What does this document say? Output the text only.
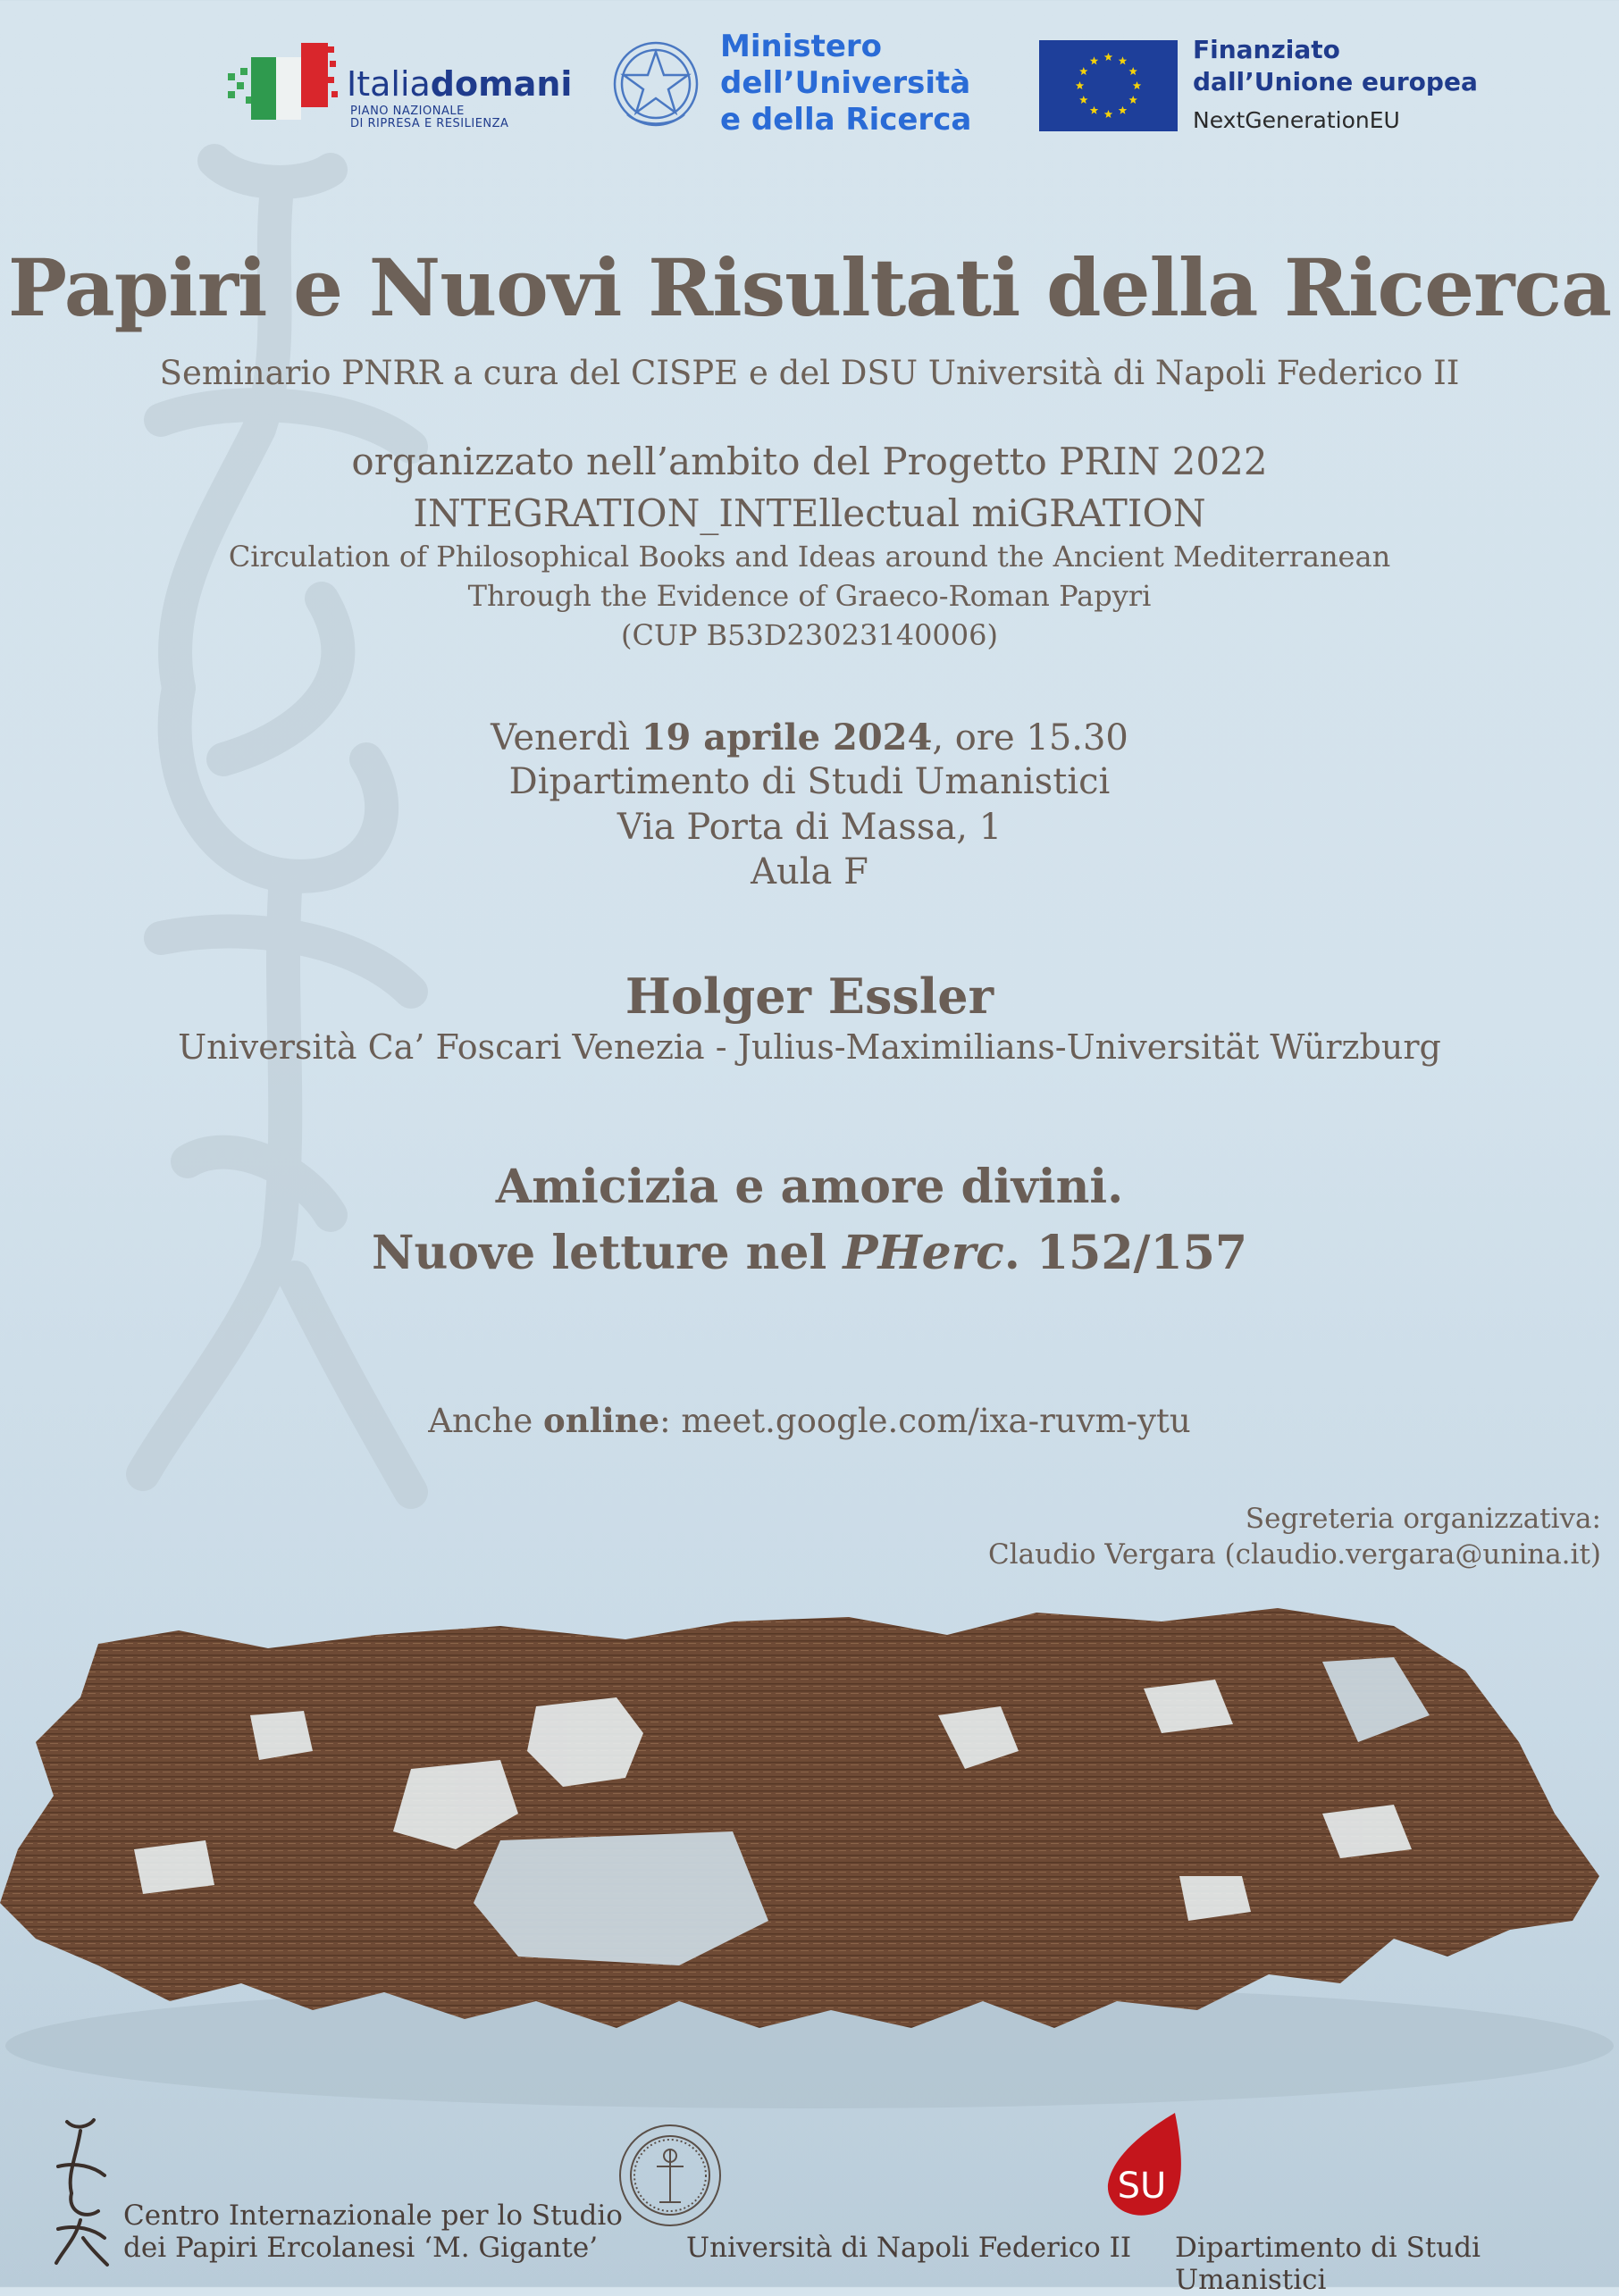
Italiadomani
PIANO NAZIONALE
DI RIPRESA E RESILIENZA
Ministero
dell’Università
e della Ricerca
Finanziato
dall’Unione europea
NextGenerationEU
Papiri e Nuovi Risultati della Ricerca
Seminario PNRR a cura del CISPE e del DSU Università di Napoli Federico II
organizzato nell’ambito del Progetto PRIN 2022
INTEGRATION_INTEllectual miGRATION
Circulation of Philosophical Books and Ideas around the Ancient Mediterranean
Through the Evidence of Graeco-Roman Papyri
(CUP B53D23023140006)
Venerdì 19 aprile 2024, ore 15.30
Dipartimento di Studi Umanistici
Via Porta di Massa, 1
Aula F
Holger Essler
Università Ca’ Foscari Venezia - Julius-Maximilians-Universität Würzburg
Amicizia e amore divini.
Nuove letture nel PHerc. 152/157
Anche online: meet.google.com/ixa-ruvm-ytu
Segreteria organizzativa:
Claudio Vergara (claudio.vergara@unina.it)
Centro Internazionale per lo Studio
dei Papiri Ercolanesi ‘M. Gigante’	Università di Napoli Federico II
SU
Dipartimento di Studi Umanistici
